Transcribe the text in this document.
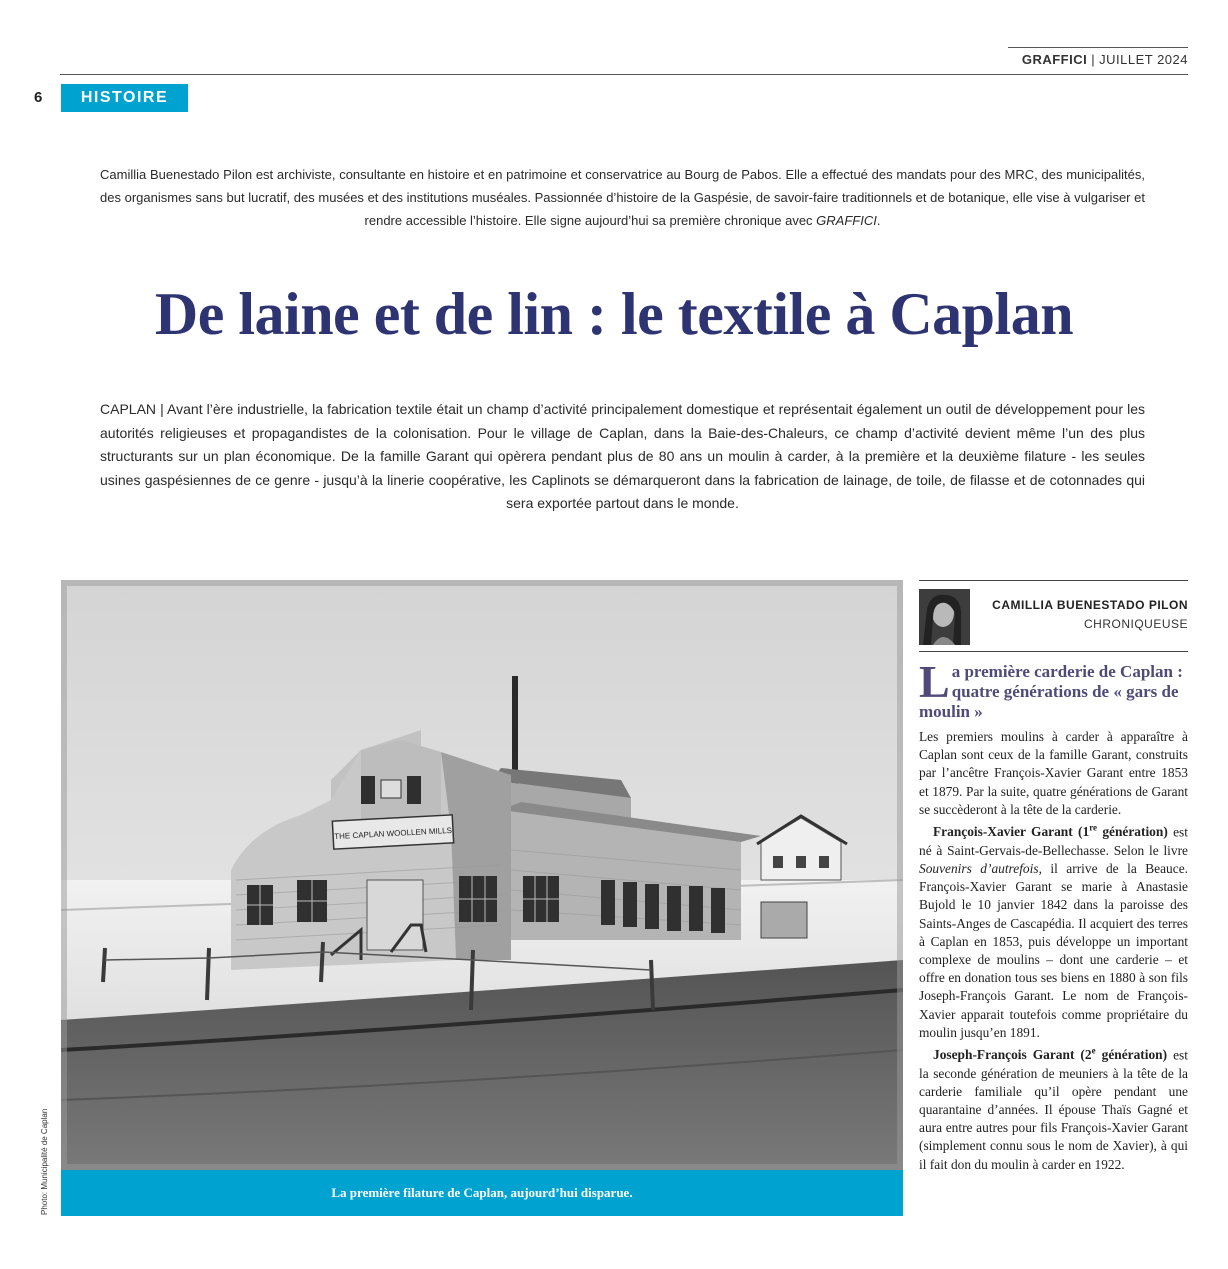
GRAFFICI | JUILLET 2024
6	HISTOIRE
Camillia Buenestado Pilon est archiviste, consultante en histoire et en patrimoine et conservatrice au Bourg de Pabos. Elle a effectué des mandats pour des MRC, des municipalités, des organismes sans but lucratif, des musées et des institutions muséales. Passionnée d’histoire de la Gaspésie, de savoir-faire traditionnels et de botanique, elle vise à vulgariser et rendre accessible l’histoire. Elle signe aujourd’hui sa première chronique avec GRAFFICI.
De laine et de lin : le textile à Caplan
CAPLAN | Avant l’ère industrielle, la fabrication textile était un champ d’activité principalement domestique et représentait également un outil de développement pour les autorités religieuses et propagandistes de la colonisation. Pour le village de Caplan, dans la Baie-des-Chaleurs, ce champ d’activité devient même l’un des plus structurants sur un plan économique. De la famille Garant qui opèrera pendant plus de 80 ans un moulin à carder, à la première et la deuxième filature - les seules usines gaspésiennes de ce genre - jusqu’à la linerie coopérative, les Caplinots se démarqueront dans la fabrication de lainage, de toile, de filasse et de cotonnades qui sera exportée partout dans le monde.
THE CAPLAN WOOLLEN MILLS
La première filature de Caplan, aujourd’hui disparue.
Photo: Municipalité de Caplan
CAMILLIA BUENESTADO PILON
CHRONIQUEUSE
La première carderie de Caplan : quatre générations de « gars de moulin »

Les premiers moulins à carder à apparaître à Caplan sont ceux de la famille Garant, construits par l’ancêtre François-Xavier Garant entre 1853 et 1879. Par la suite, quatre générations de Garant se succèderont à la tête de la carderie.

François-Xavier Garant (1re génération) est né à Saint-Gervais-de-Bellechasse. Selon le livre Souvenirs d’autrefois, il arrive de la Beauce. François-Xavier Garant se marie à Anastasie Bujold le 10 janvier 1842 dans la paroisse des Saints-Anges de Cascapédia. Il acquiert des terres à Caplan en 1853, puis développe un important complexe de moulins – dont une carderie – et offre en donation tous ses biens en 1880 à son fils Joseph-François Garant. Le nom de François-Xavier apparait toutefois comme propriétaire du moulin jusqu’en 1891.

Joseph-François Garant (2e génération) est la seconde génération de meuniers à la tête de la carderie familiale qu’il opère pendant une quarantaine d’années. Il épouse Thaïs Gagné et aura entre autres pour fils François-Xavier Garant (simplement connu sous le nom de Xavier), à qui il fait don du moulin à carder en 1922.
